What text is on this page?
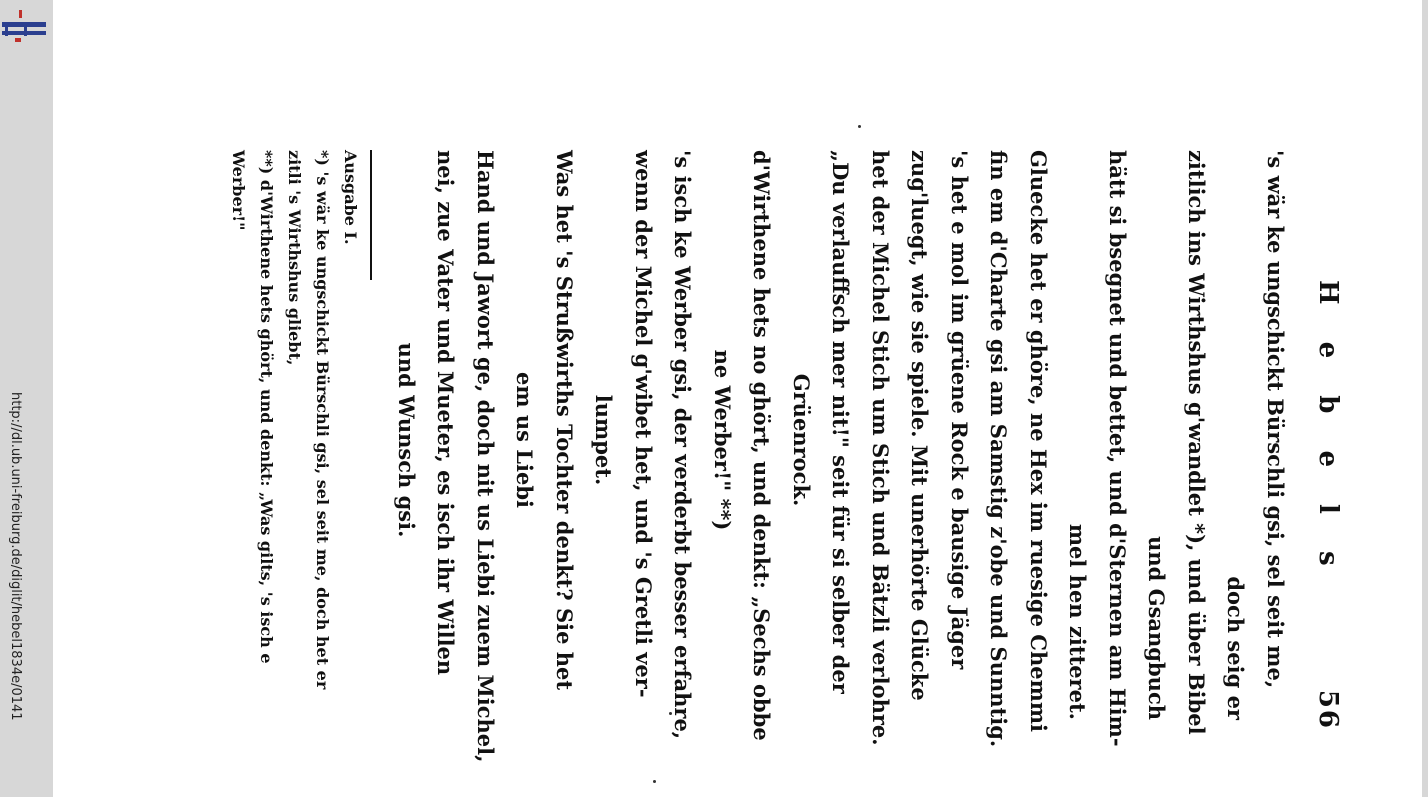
http://dl.ub.uni-freiburg.de/diglit/hebel1834e/0141	H e b e l s
56

's wär ke ungschickt Bürschli gsi, sel seit me,

doch seig er

zitlich ins Wirthshus g'wandlet *), und über Bibel

und Gsangbuch

hätt si bsegnet und bettet, und d'Sternen am Him-

mel hen zitteret.

Gluecke het er ghöre, ne Hex im ruesige Chemmi

fin em d'Charte gsi am Samstig z'obe und Sunntig.

's het e mol im grüene Rock e bausige Jäger

zug'luegt, wie sie spiele. Mit unerhörte Glücke

het der Michel Stich um Stich und Bätzli verlohre.

„Du verlauffsch mer nit!" seit für si selber der

Grüenrock.

d'Wirthene hets no ghört, und denkt: „Sechs obbe

ne Werber!" **)

's isch ke Werber gsi, der verderbt besser erfahre,

wenn der Michel g'wibet het, und 's Gretli ver-

lumpet.

Was het 's Strußwirths Tochter denkt? Sie het

em us Liebi

Hand und Jawort ge, doch nit us Liebi zuem Michel,

nei, zue Vater und Mueter, es isch ihr Willen

und Wunsch gsi.

Ausgabe I.

*) 's wär ke ungschickt Bürschli gsi, sel seit me, doch het er

zitli 's Wirthshus gliebt,

**) d'Wirthene hets ghört, und denkt: „Was gilts, 's isch e

Werber!"
